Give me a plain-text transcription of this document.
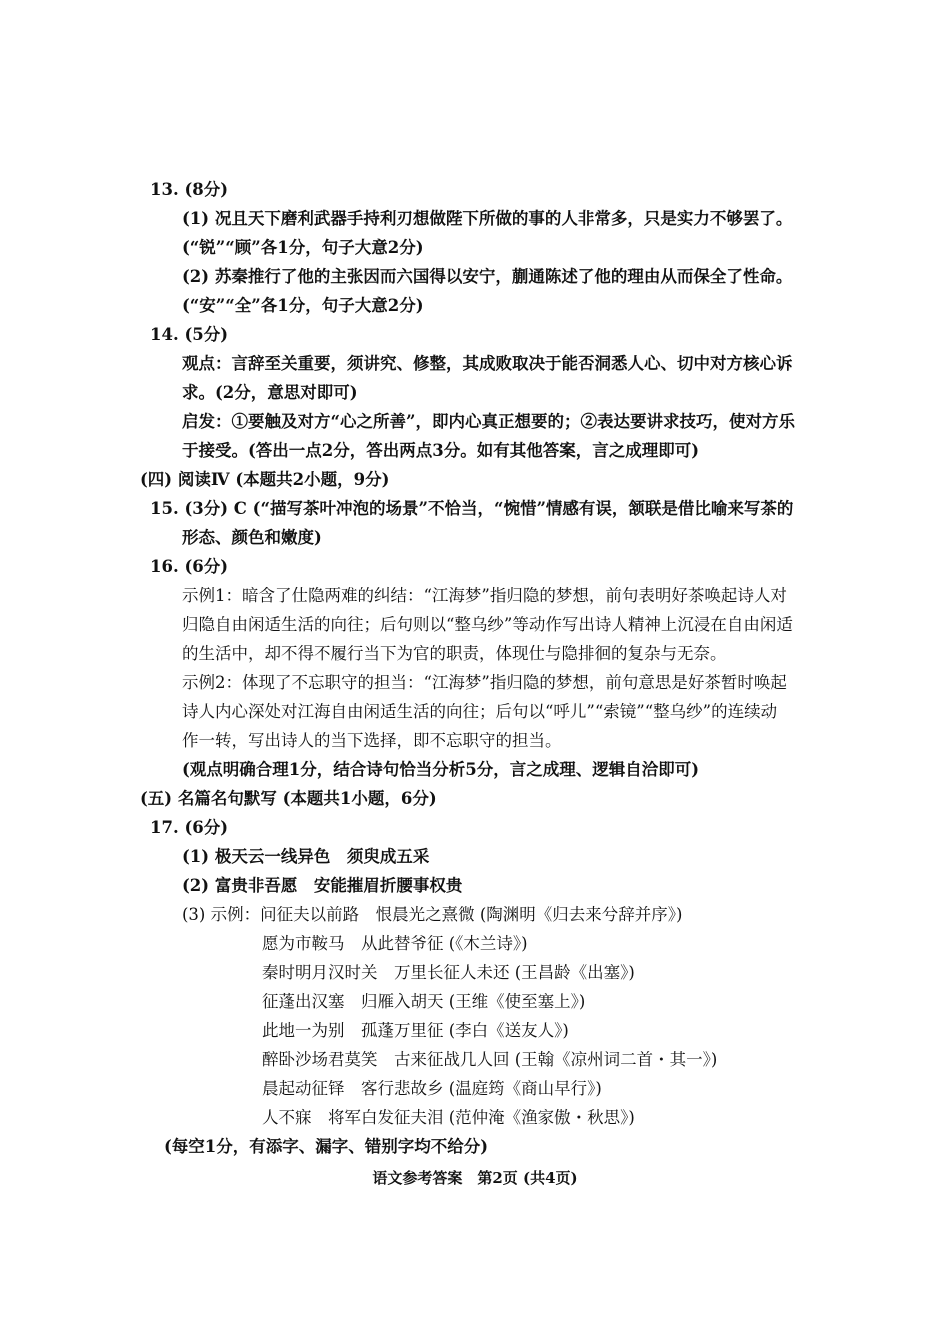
13. (8分)
(1) 况且天下磨利武器手持利刃想做陛下所做的事的人非常多，只是实力不够罢了。
(“锐”“顾”各1分，句子大意2分)
(2) 苏秦推行了他的主张因而六国得以安宁，蒯通陈述了他的理由从而保全了性命。
(“安”“全”各1分，句子大意2分)
14. (5分)
观点：言辞至关重要，须讲究、修整，其成败取决于能否洞悉人心、切中对方核心诉
求。(2分，意思对即可)
启发：①要触及对方“心之所善”，即内心真正想要的；②表达要讲求技巧，使对方乐
于接受。(答出一点2分，答出两点3分。如有其他答案，言之成理即可)
(四) 阅读Ⅳ (本题共2小题，9分)
15. (3分) C (“描写茶叶冲泡的场景”不恰当，“惋惜”情感有误，颔联是借比喻来写茶的
形态、颜色和嫩度)
16. (6分)
示例1：暗含了仕隐两难的纠结：“江海梦”指归隐的梦想，前句表明好茶唤起诗人对
归隐自由闲适生活的向往；后句则以“整乌纱”等动作写出诗人精神上沉浸在自由闲适
的生活中，却不得不履行当下为官的职责，体现仕与隐排徊的复杂与无奈。
示例2：体现了不忘职守的担当：“江海梦”指归隐的梦想，前句意思是好茶暂时唤起
诗人内心深处对江海自由闲适生活的向往；后句以“呼儿”“索镜”“整乌纱”的连续动
作一转，写出诗人的当下选择，即不忘职守的担当。
(观点明确合理1分，结合诗句恰当分析5分，言之成理、逻辑自洽即可)
(五) 名篇名句默写 (本题共1小题，6分)
17. (6分)
(1) 极天云一线异色　须臾成五采
(2) 富贵非吾愿　安能摧眉折腰事权贵
(3) 示例：问征夫以前路　恨晨光之熹微 (陶渊明《归去来兮辞并序》)
愿为市鞍马　从此替爷征 (《木兰诗》)
秦时明月汉时关　万里长征人未还 (王昌龄《出塞》)
征蓬出汉塞　归雁入胡天 (王维《使至塞上》)
此地一为别　孤蓬万里征 (李白《送友人》)
醉卧沙场君莫笑　古来征战几人回 (王翰《凉州词二首・其一》)
晨起动征铎　客行悲故乡 (温庭筠《商山早行》)
人不寐　将军白发征夫泪 (范仲淹《渔家傲・秋思》)
(每空1分，有添字、漏字、错别字均不给分)
语文参考答案　第2页 (共4页)
